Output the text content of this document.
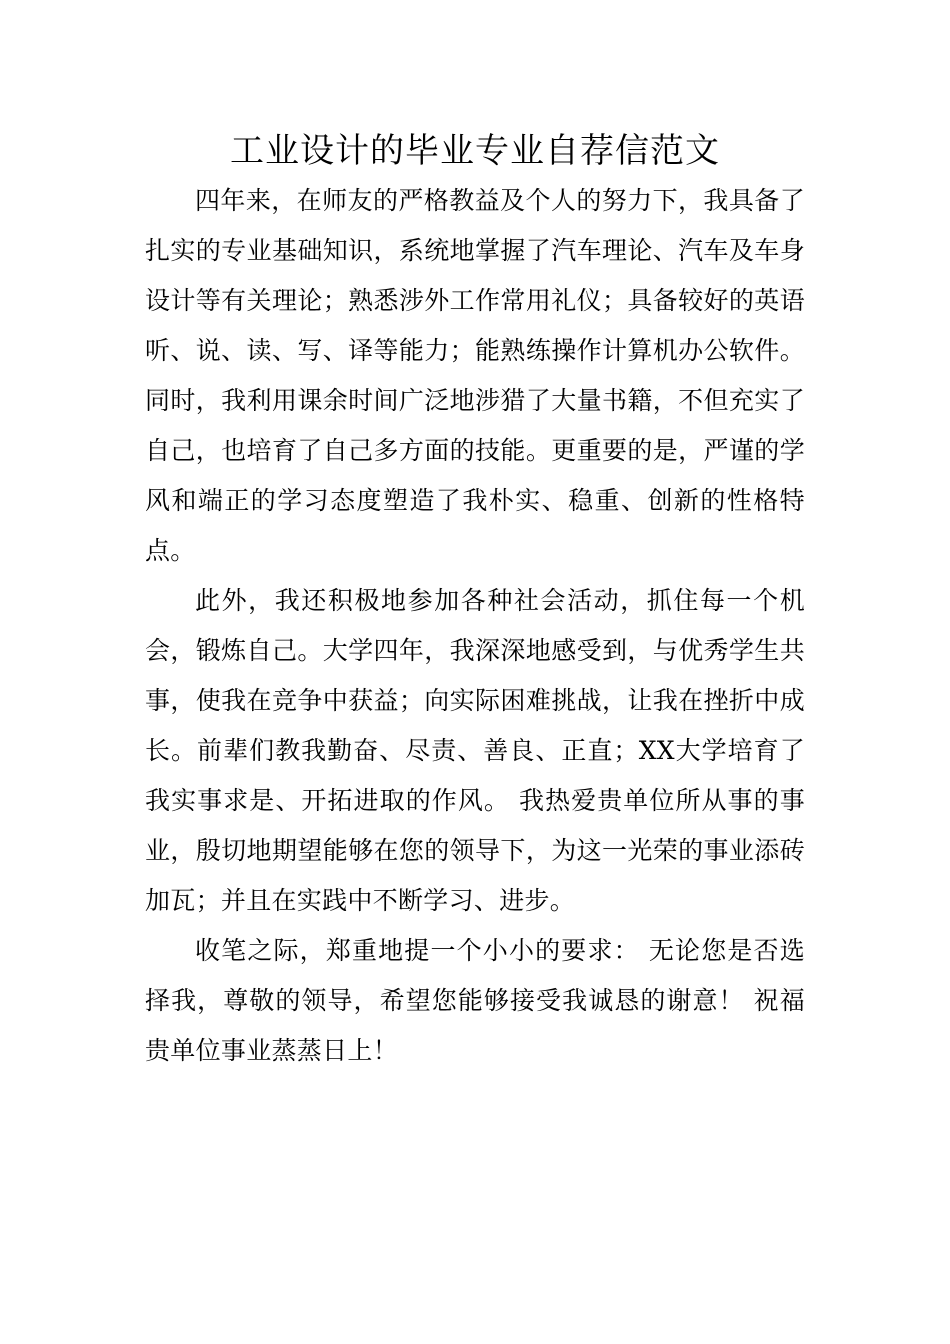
工业设计的毕业专业自荐信范文

四年来，在师友的严格教益及个人的努力下，我具备了扎实的专业基础知识，系统地掌握了汽车理论、汽车及车身设计等有关理论；熟悉涉外工作常用礼仪；具备较好的英语听、说、读、写、译等能力；能熟练操作计算机办公软件。同时，我利用课余时间广泛地涉猎了大量书籍，不但充实了自己，也培育了自己多方面的技能。更重要的是，严谨的学风和端正的学习态度塑造了我朴实、稳重、创新的性格特点。

此外，我还积极地参加各种社会活动，抓住每一个机会，锻炼自己。大学四年，我深深地感受到，与优秀学生共事，使我在竞争中获益；向实际困难挑战，让我在挫折中成长。前辈们教我勤奋、尽责、善良、正直；XX大学培育了我实事求是、开拓进取的作风。 我热爱贵单位所从事的事业，殷切地期望能够在您的领导下，为这一光荣的事业添砖加瓦；并且在实践中不断学习、进步。

收笔之际，郑重地提一个小小的要求： 无论您是否选择我，尊敬的领导，希望您能够接受我诚恳的谢意！ 祝福贵单位事业蒸蒸日上！
